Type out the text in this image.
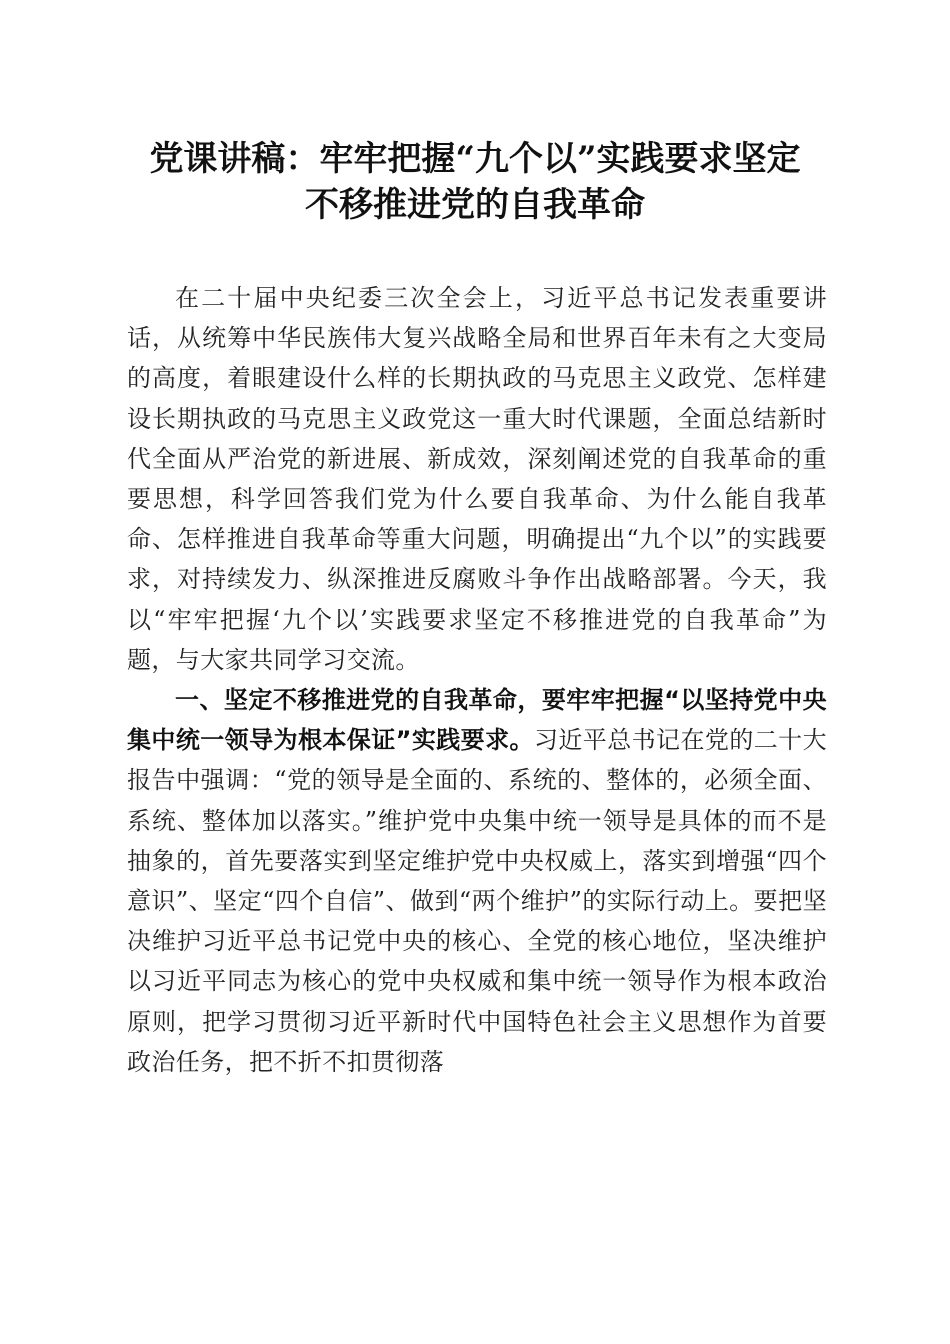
党课讲稿：牢牢把握“九个以”实践要求坚定
不移推进党的自我革命

在二十届中央纪委三次全会上，习近平总书记发表重要讲话，从统筹中华民族伟大复兴战略全局和世界百年未有之大变局的高度，着眼建设什么样的长期执政的马克思主义政党、怎样建设长期执政的马克思主义政党这一重大时代课题，全面总结新时代全面从严治党的新进展、新成效，深刻阐述党的自我革命的重要思想，科学回答我们党为什么要自我革命、为什么能自我革命、怎样推进自我革命等重大问题，明确提出“九个以”的实践要求，对持续发力、纵深推进反腐败斗争作出战略部署。今天，我以“牢牢把握‘九个以’实践要求坚定不移推进党的自我革命”为题，与大家共同学习交流。

一、坚定不移推进党的自我革命，要牢牢把握“以坚持党中央集中统一领导为根本保证”实践要求。习近平总书记在党的二十大报告中强调：“党的领导是全面的、系统的、整体的，必须全面、系统、整体加以落实。”维护党中央集中统一领导是具体的而不是抽象的，首先要落实到坚定维护党中央权威上，落实到增强“四个意识”、坚定“四个自信”、做到“两个维护”的实际行动上。要把坚决维护习近平总书记党中央的核心、全党的核心地位，坚决维护以习近平同志为核心的党中央权威和集中统一领导作为根本政治原则，把学习贯彻习近平新时代中国特色社会主义思想作为首要政治任务，把不折不扣贯彻落
